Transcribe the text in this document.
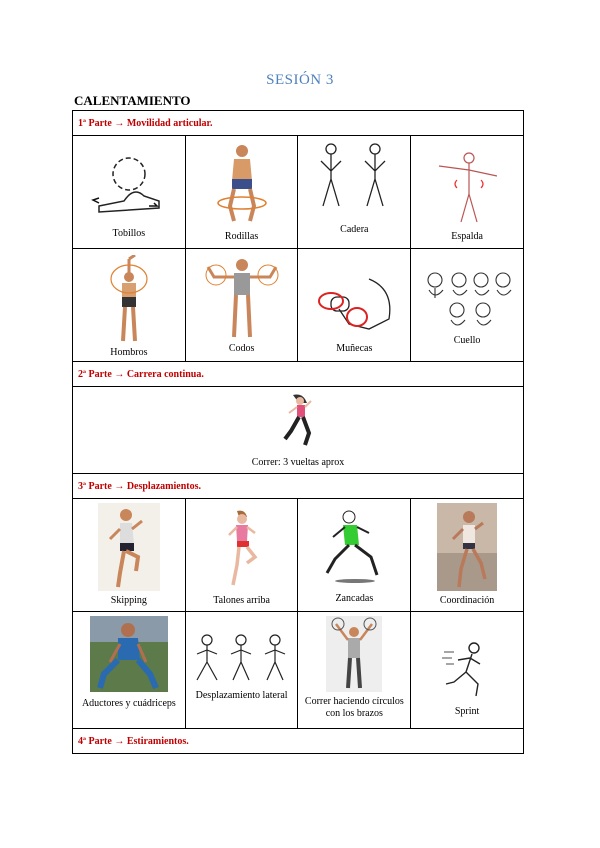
SESIÓN 3
CALENTAMIENTO
1ª Parte → Movilidad articular.			

Tobillos	Rodillas	Cadera	Espalda

Hombros	Codos	Muñecas	Cuello

2ª Parte → Carrera continua.			

Correr: 3 vueltas aprox			

3ª Parte → Desplazamientos.			

Skipping	Talones arriba	Zancadas	Coordinación

Aductores y cuádriceps	Desplazamiento lateral	Correr haciendo círculos con los brazos	Sprint

4ª Parte → Estiramientos.			
